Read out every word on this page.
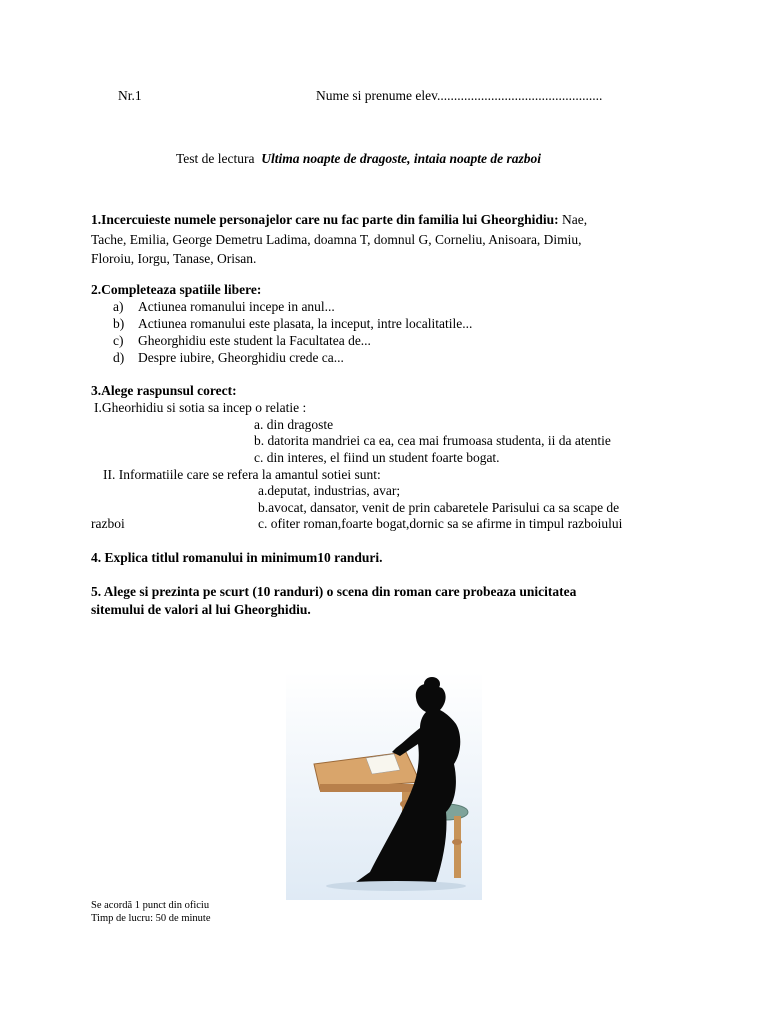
Nr.1	Nume si prenume elev.................................................
Test de lectura Ultima noapte de dragoste, intaia noapte de razboi
1.Incercuieste numele personajelor care nu fac parte din familia lui Gheorghidiu: Nae,
Tache, Emilia, George Demetru Ladima, doamna T, domnul G, Corneliu, Anisoara, Dimiu,
Floroiu, Iorgu, Tanase, Orisan.
2.Completeaza spatiile libere:
a) Actiunea romanului incepe in anul...
b) Actiunea romanului este plasata, la inceput, intre localitatile...
c) Gheorghidiu este student la Facultatea de...
d) Despre iubire, Gheorghidiu crede ca...
3.Alege raspunsul corect:
I.Gheorhidiu si sotia sa incep o relatie :
a. din dragoste
b. datorita mandriei ca ea, cea mai frumoasa studenta, ii da atentie
c. din interes, el fiind un student foarte bogat.
II. Informatiile care se refera la amantul sotiei sunt:
a.deputat, industrias, avar;
b.avocat, dansator, venit de prin cabaretele Parisului ca sa scape de
razboi	c. ofiter roman,foarte bogat,dornic sa se afirme in timpul razboiului
4. Explica titlul romanului in minimum10 randuri.
5. Alege si prezinta pe scurt (10 randuri) o scena din roman care probeaza unicitatea
sitemului de valori al lui Gheorghidiu.
Se acordă 1 punct din oficiu
Timp de lucru: 50 de minute
